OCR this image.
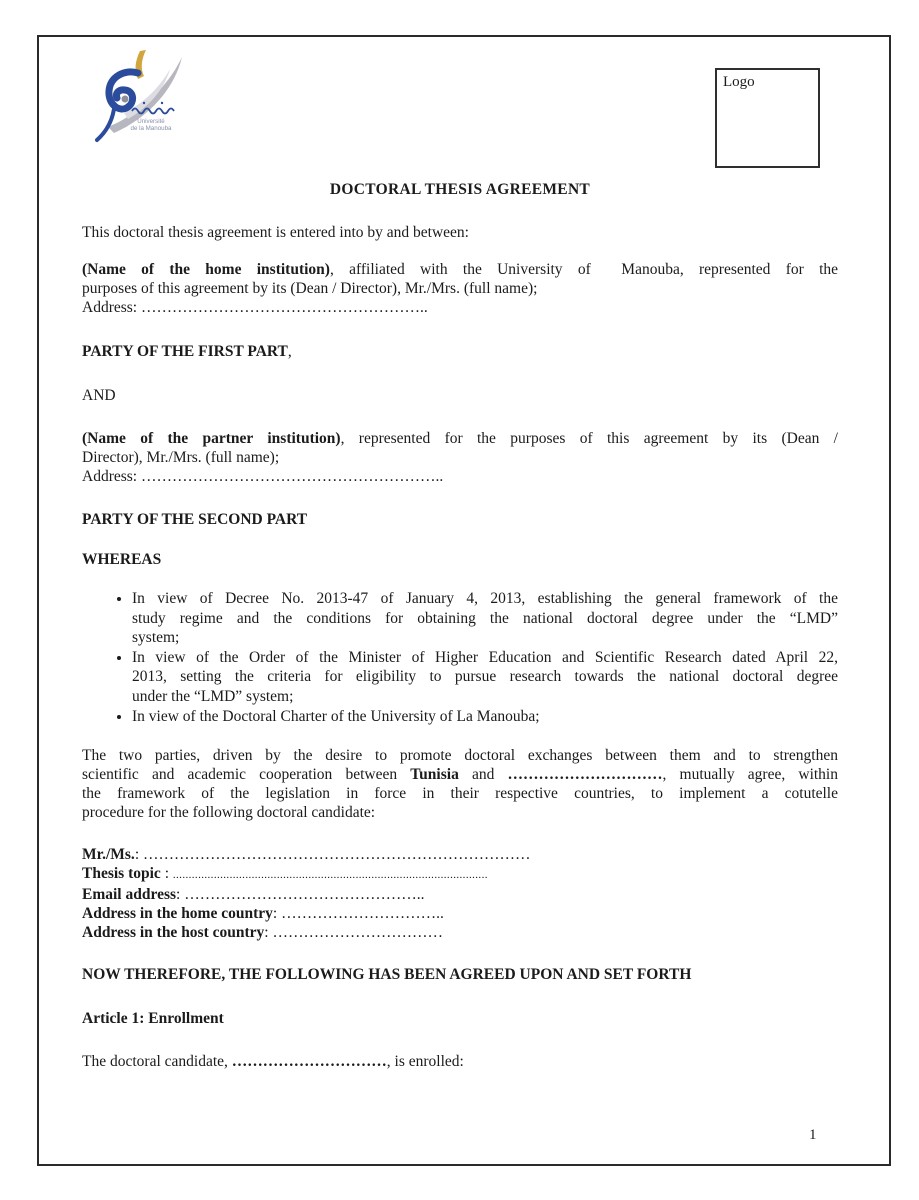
Université
de la Manouba
Logo
DOCTORAL THESIS AGREEMENT
This doctoral thesis agreement is entered into by and between:
(Name of the home institution), affiliated with the University of  Manouba, represented for the
purposes of this agreement by its (Dean / Director), Mr./Mrs. (full name);
Address: ………………………………………………..
PARTY OF THE FIRST PART,
AND
(Name of the partner institution), represented for the purposes of this agreement by its (Dean /
Director), Mr./Mrs. (full name);
Address: …………………………………………………..
PARTY OF THE SECOND PART
WHEREAS
• In view of Decree No. 2013-47 of January 4, 2013, establishing the general framework of the
study regime and the conditions for obtaining the national doctoral degree under the “LMD”
system;
• In view of the Order of the Minister of Higher Education and Scientific Research dated April 22,
2013, setting the criteria for eligibility to pursue research towards the national doctoral degree
under the “LMD” system;
• In view of the Doctoral Charter of the University of La Manouba;
The two parties, driven by the desire to promote doctoral exchanges between them and to strengthen
scientific and academic cooperation between Tunisia and …………………………, mutually agree, within
the framework of the legislation in force in their respective countries, to implement a cotutelle
procedure for the following doctoral candidate:
Mr./Ms.: …………………………………………………………………
Thesis topic : ....................................................................................................
Email address: ………………………………………..
Address in the home country: …………………………..
Address in the host country: ……………………………
NOW THEREFORE, THE FOLLOWING HAS BEEN AGREED UPON AND SET FORTH
Article 1: Enrollment
The doctoral candidate, …………………………, is enrolled:
1
